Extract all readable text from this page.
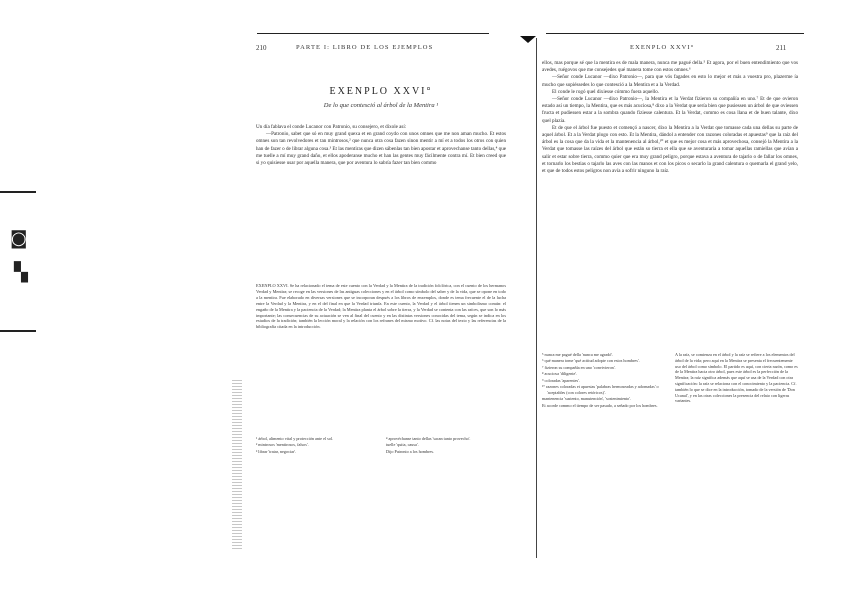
◙
▚
210	PARTE I: LIBRO DE LOS EJEMPLOS
EXENPLO XXVI°
De lo que contesció al árbol de la Mentira ¹

Un día fablava el conde Lucanor con Patronio, su consejero, et díxole así:

—Patronio, sabet que só en muy grand quexa et en grand coydo con unos omnes que me non aman mucho. Et estos omnes son tan revolvedores et tan mintrosos,² que nunca otra cosa fazen sinon mentir a mí et a todos los otros con quien han de fazer o de librar alguna cosa.³ Et las mentiras que dizen sábenlas tan bien apostar et aprovechanse tanto dellas,⁴ que me tuelle a mí muy grand daño, et ellos apoderanse mucho et han las gentes muy fácilmente contra mí. Et bien creed que si yo quisiesse usar por aquella manera, que por aventura lo sabría fazer tan bien commo

EXENPLO XXVI. Se ha relacionado el tema de este cuento con la Verdad y la Mentira de la tradición folclórica, con el cuento de los hermanos Verdad y Mentira; se recoge en las versiones de las antiguas colecciones y en el árbol como símbolo del saber y de la vida, que se opone en todo a la mentira. Fue elaborado en diversas versiones que se incorporan después a los libros de enxemplos, donde es tema frecuente el de la lucha entre la Verdad y la Mentira, y en el del final en que la Verdad triunfa. En este cuento, la Verdad y el árbol tienen un simbolismo común: el engaño de la Mentira y la paciencia de la Verdad; la Mentira planta el árbol sobre la tierra, y la Verdad se contenta con las raíces, que son lo más importante; las consecuencias de su actuación se ven al final del cuento y en las distintas versiones conocidas del tema, según se indica en los estudios de la tradición; también la lección moral y la relación con los refranes del mismo motivo. Cf. las notas del texto y las referencias de la bibliografía citada en la introducción.

¹ árbol, alimento vital y protección ante el sol.

² mintrosos 'mentirosos, falsos'.

³ librar 'tratar, negociar'.

⁴ aprovéchanse tanto dellas 'sacan tanto provecho'.

tuelle 'quita, causa'.

Dijo Patronio a los hombres.

EXENPLO XXVI°	211

ellos, mas porque sé que la mentira es de mala manera, nunca me pagué della.⁵ Et agora, por el buen entendimiento que vos avedes, ruégovos que me consejedes qué manera tome con estos omnes.⁶

—Señor conde Lucanor —dixo Patronio—, para que vós fagades en esto lo mejor et más a vuestra pro, plazerme ía mucho que sopiéssedes lo que contesció a la Mentira et a la Verdad.

El conde le rogó quel dixiesse cómmo fuera aquello.

—Señor conde Lucanor —dixo Patronio—, la Mentira et la Verdat fizieron su compañía en uno.⁷ Et de que ovieron estado así un tiempo, la Mentira, que es más acuciosa,⁸ dixo a la Verdat que sería bien que pusiessen un árbol de que oviessen fructa et pudiessen estar a la sombra quando fiziesse calentura. Et la Verdat, commo es cosa llana et de buen talante, dixo quel plazía.

Et de que el árbol fue puesto et començó a nascer, dixo la Mentira a la Verdat que tomasse cada una dellas su parte de aquel árbol. Et a la Verdat plogo con esto. Et la Mentira, dándol a entender con razones coloradas et apuestas⁹ que la raíz del árbol es la cosa que da la vida et la mantenencia al árbol,¹⁰ et que es mejor cosa et más aprovechosa, consejó la Mentira a la Verdat que tomasse las raízes del árbol que están so tierra et ella que se aventuraría a tomar aquellas ramiellas que avían a salir et estar sobre tierra, commo quier que era muy grand peligro, porque estava a aventura de tajarlo o de fallar los omnes, et tornarlo los bestias o tajarlo las aves con las manos et con los picos o secarlo la grand calentura o quemarla el grand yelo, et que de todos estos peligros non avía a sofrir ninguno la raíz.

⁵ nunca me pagué della 'nunca me agradó'.

⁶ qué manera tome 'qué actitud adopte con estos hombres'.

⁷ fizieron su compañía en uno 'convivieron'.

⁸ acuciosa 'diligente'.

⁹ coloradas 'aparentes'.

¹⁰ razones coloradas et apuestas 'palabras hermoseadas y adornadas' o 'aceptables (con colores retóricos)'.

mantenencia 'sustento, manutención', 'sostenimiento'.

Et acorde commo el tiempo de ser pasado, a señado por los hombres.

A la raíz, se comienza en el árbol y la raíz se refiere a los elementos del árbol de la vida; pero aquí en la Mentira se presenta el frecuentemente uso del árbol como símbolo. El partido es aquí, con cierta razón, como es de la Mentira hacia otro árbol, pues este árbol es la perfección de la Mentira; la raíz significa además que aquí se usa de la Verdad con otra significación: la raíz se relaciona con el conocimiento y la paciencia. Cf. también lo que se dice en la introducción, tomado de la versión de 'Don Ucanal', y en las otras colecciones la presencia del relato con ligeras variantes.
